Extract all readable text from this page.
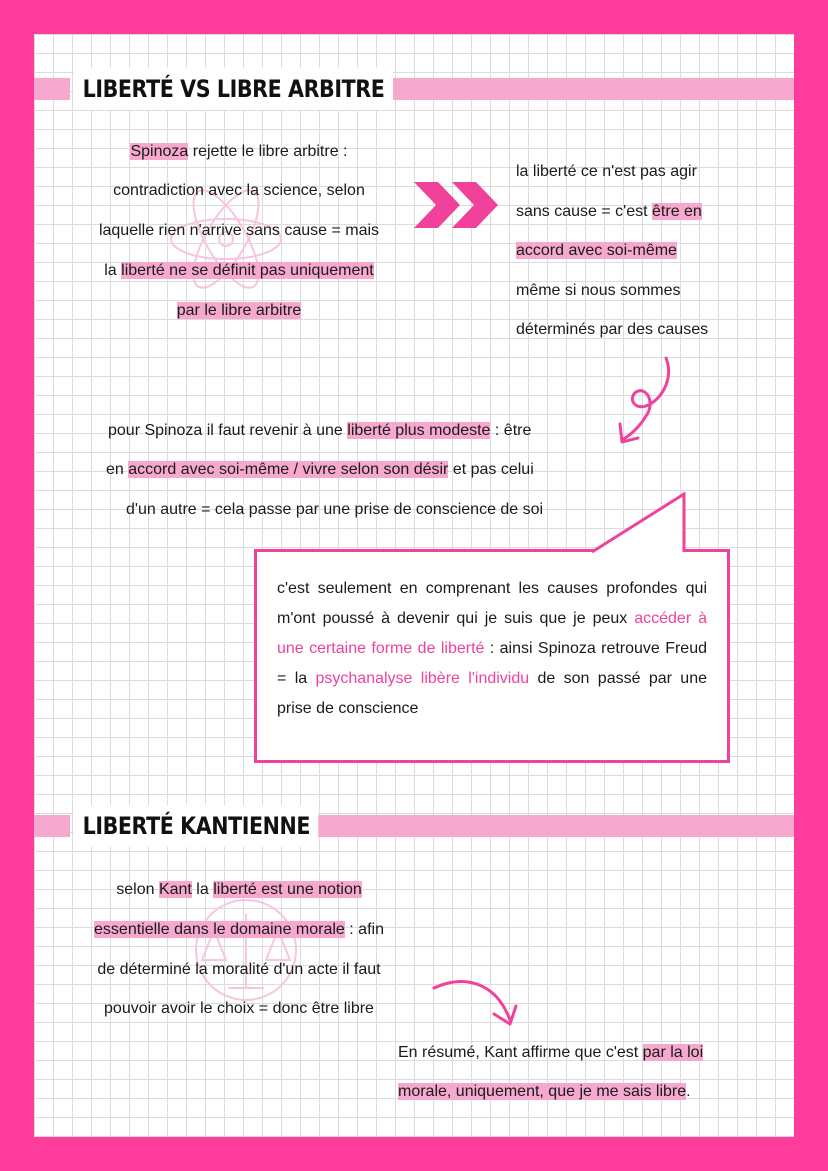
LIBERTÉ VS LIBRE ARBITRE
Spinoza rejette le libre arbitre :
contradiction avec la science, selon
laquelle rien n'arrive sans cause = mais
la liberté ne se définit pas uniquement
par le libre arbitre
la liberté ce n'est pas agir
sans cause = c'est être en
accord avec soi-même
même si nous sommes
déterminés par des causes
pour Spinoza il faut revenir à une liberté plus modeste : être
en accord avec soi-même / vivre selon son désir et pas celui
d'un autre = cela passe par une prise de conscience de soi
c'est seulement en comprenant les causes profondes qui m'ont poussé à devenir qui je suis que je peux accéder à une certaine forme de liberté : ainsi Spinoza retrouve Freud = la psychanalyse libère l'individu de son passé par une prise de conscience
LIBERTÉ KANTIENNE
selon Kant la liberté est une notion
essentielle dans le domaine morale : afin
de déterminé la moralité d'un acte il faut
pouvoir avoir le choix = donc être libre
En résumé, Kant affirme que c'est par la loi
morale, uniquement, que je me sais libre.
